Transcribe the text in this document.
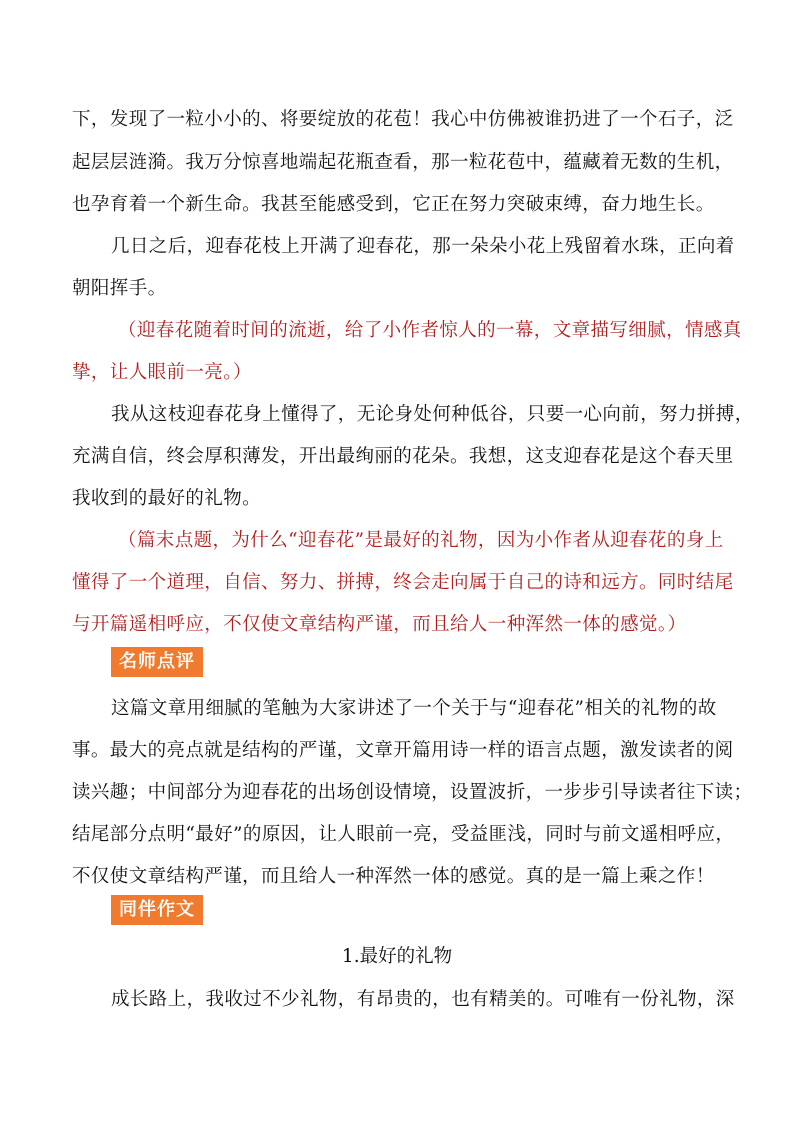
下，发现了一粒小小的、将要绽放的花苞！我心中仿佛被谁扔进了一个石子，泛
起层层涟漪。我万分惊喜地端起花瓶查看，那一粒花苞中，蕴藏着无数的生机，
也孕育着一个新生命。我甚至能感受到，它正在努力突破束缚，奋力地生长。
几日之后，迎春花枝上开满了迎春花，那一朵朵小花上残留着水珠，正向着
朝阳挥手。
（迎春花随着时间的流逝，给了小作者惊人的一幕，文章描写细腻，情感真
挚，让人眼前一亮。）
我从这枝迎春花身上懂得了，无论身处何种低谷，只要一心向前，努力拼搏，
充满自信，终会厚积薄发，开出最绚丽的花朵。我想，这支迎春花是这个春天里
我收到的最好的礼物。
（篇末点题，为什么“迎春花”是最好的礼物，因为小作者从迎春花的身上
懂得了一个道理，自信、努力、拼搏，终会走向属于自己的诗和远方。同时结尾
与开篇遥相呼应，不仅使文章结构严谨，而且给人一种浑然一体的感觉。）
名师点评
这篇文章用细腻的笔触为大家讲述了一个关于与“迎春花”相关的礼物的故
事。最大的亮点就是结构的严谨，文章开篇用诗一样的语言点题，激发读者的阅
读兴趣；中间部分为迎春花的出场创设情境，设置波折，一步步引导读者往下读；
结尾部分点明“最好”的原因，让人眼前一亮，受益匪浅，同时与前文遥相呼应，
不仅使文章结构严谨，而且给人一种浑然一体的感觉。真的是一篇上乘之作！
同伴作文
1.最好的礼物
成长路上，我收过不少礼物，有昂贵的，也有精美的。可唯有一份礼物，深
